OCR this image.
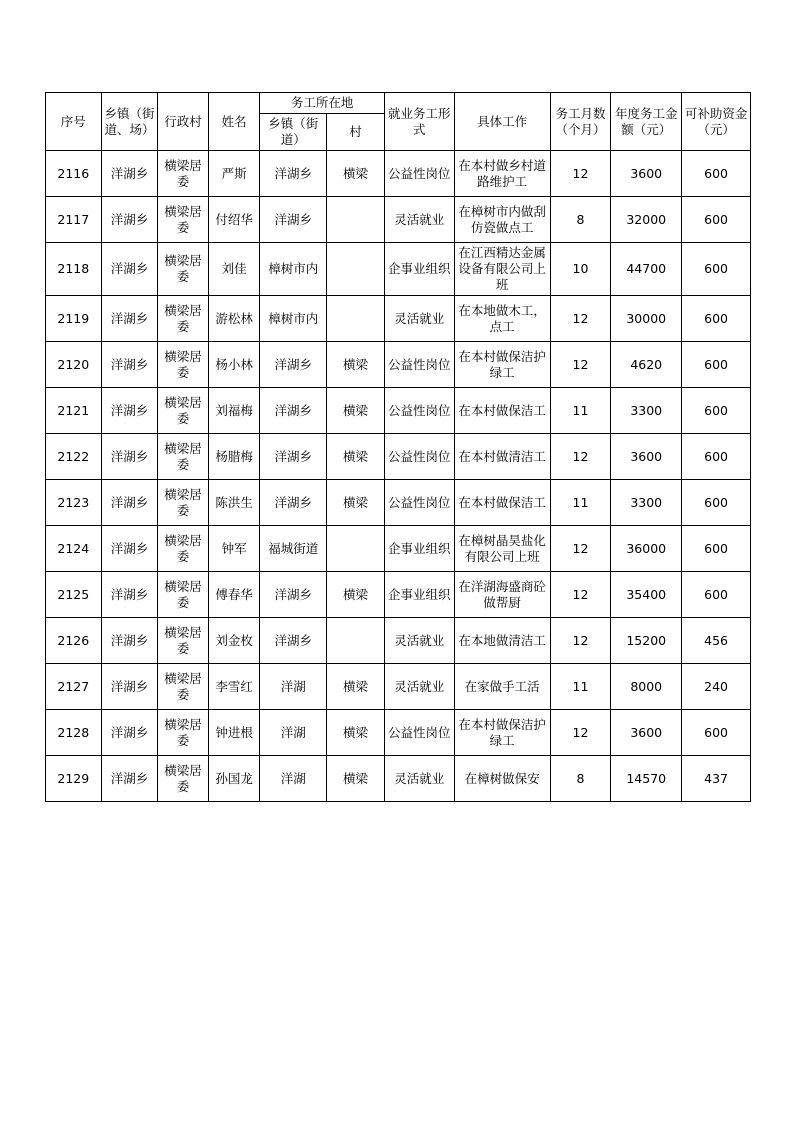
序号	乡镇（街道、场）	行政村	姓名	务工所在地		就业务工形式	具体工作	务工月数（个月）	年度务工金额（元）	可补助资金（元）
				乡镇（街道）	村					
2116	洋湖乡	横梁居委	严斯	洋湖乡	横梁	公益性岗位	在本村做乡村道路维护工	12	3600	600
2117	洋湖乡	横梁居委	付绍华	洋湖乡		灵活就业	在樟树市内做刮仿瓷做点工	8	32000	600
2118	洋湖乡	横梁居委	刘佳	樟树市内		企事业组织	在江西精达金属设备有限公司上班	10	44700	600
2119	洋湖乡	横梁居委	游松林	樟树市内		灵活就业	在本地做木工，点工	12	30000	600
2120	洋湖乡	横梁居委	杨小林	洋湖乡	横梁	公益性岗位	在本村做保洁护绿工	12	4620	600
2121	洋湖乡	横梁居委	刘福梅	洋湖乡	横梁	公益性岗位	在本村做保洁工	11	3300	600
2122	洋湖乡	横梁居委	杨腊梅	洋湖乡	横梁	公益性岗位	在本村做清洁工	12	3600	600
2123	洋湖乡	横梁居委	陈洪生	洋湖乡	横梁	公益性岗位	在本村做保洁工	11	3300	600
2124	洋湖乡	横梁居委	钟军	福城街道		企事业组织	在樟树晶昊盐化有限公司上班	12	36000	600
2125	洋湖乡	横梁居委	傅春华	洋湖乡	横梁	企事业组织	在洋湖海盛商砼做帮厨	12	35400	600
2126	洋湖乡	横梁居委	刘金枚	洋湖乡		灵活就业	在本地做清洁工	12	15200	456
2127	洋湖乡	横梁居委	李雪红	洋湖	横梁	灵活就业	在家做手工活	11	8000	240
2128	洋湖乡	横梁居委	钟进根	洋湖	横梁	公益性岗位	在本村做保洁护绿工	12	3600	600
2129	洋湖乡	横梁居委	孙国龙	洋湖	横梁	灵活就业	在樟树做保安	8	14570	437
